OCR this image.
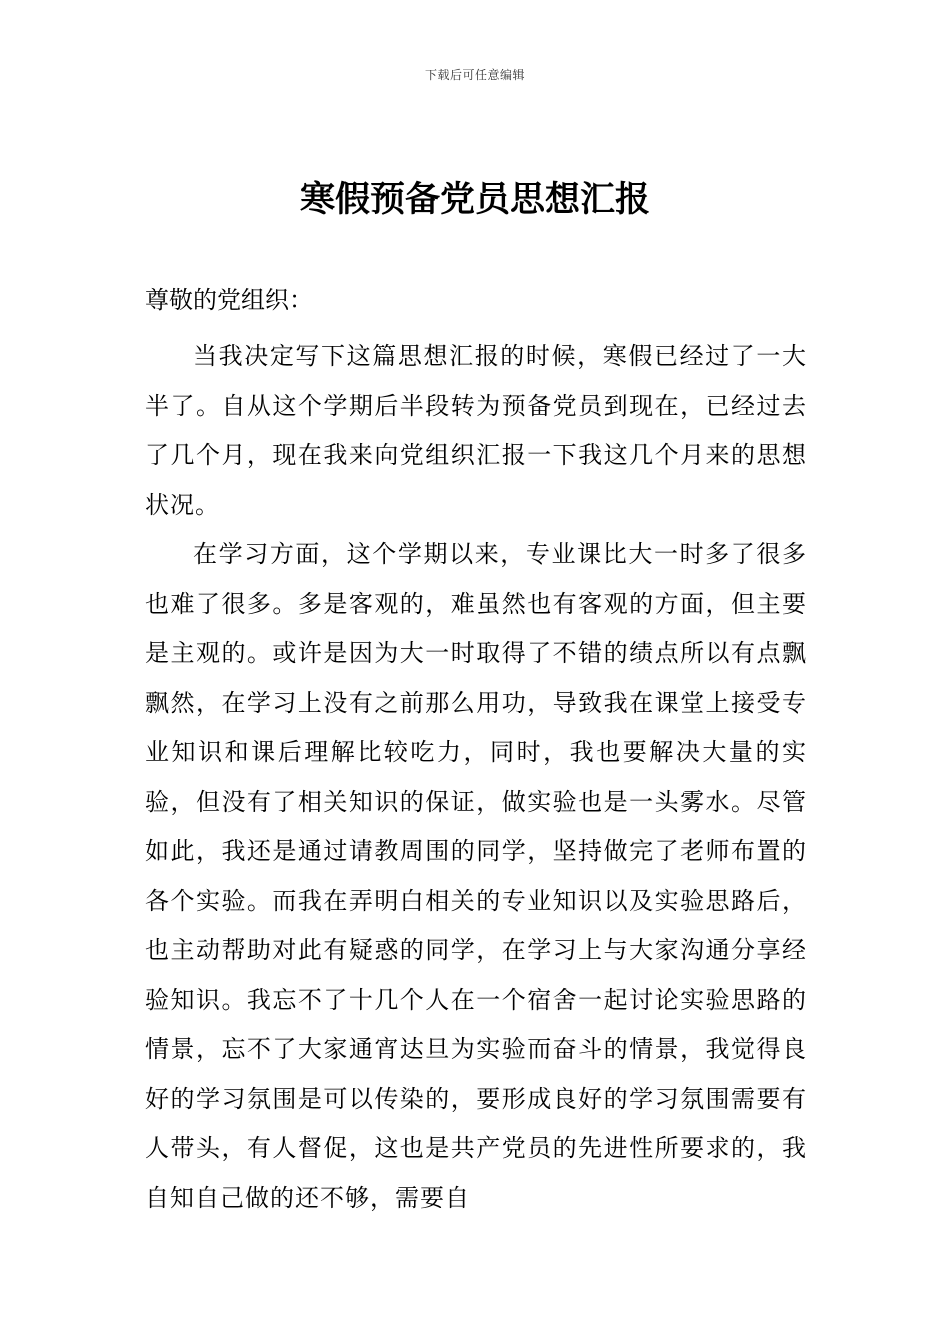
下载后可任意编辑
寒假预备党员思想汇报

尊敬的党组织：

当我决定写下这篇思想汇报的时候，寒假已经过了一大半了。自从这个学期后半段转为预备党员到现在，已经过去了几个月，现在我来向党组织汇报一下我这几个月来的思想状况。

在学习方面，这个学期以来，专业课比大一时多了很多也难了很多。多是客观的，难虽然也有客观的方面，但主要是主观的。或许是因为大一时取得了不错的绩点所以有点飘飘然，在学习上没有之前那么用功，导致我在课堂上接受专业知识和课后理解比较吃力，同时，我也要解决大量的实验，但没有了相关知识的保证，做实验也是一头雾水。尽管如此，我还是通过请教周围的同学，坚持做完了老师布置的各个实验。而我在弄明白相关的专业知识以及实验思路后，也主动帮助对此有疑惑的同学，在学习上与大家沟通分享经验知识。我忘不了十几个人在一个宿舍一起讨论实验思路的情景，忘不了大家通宵达旦为实验而奋斗的情景，我觉得良好的学习氛围是可以传染的，要形成良好的学习氛围需要有人带头，有人督促，这也是共产党员的先进性所要求的，我自知自己做的还不够，需要自
